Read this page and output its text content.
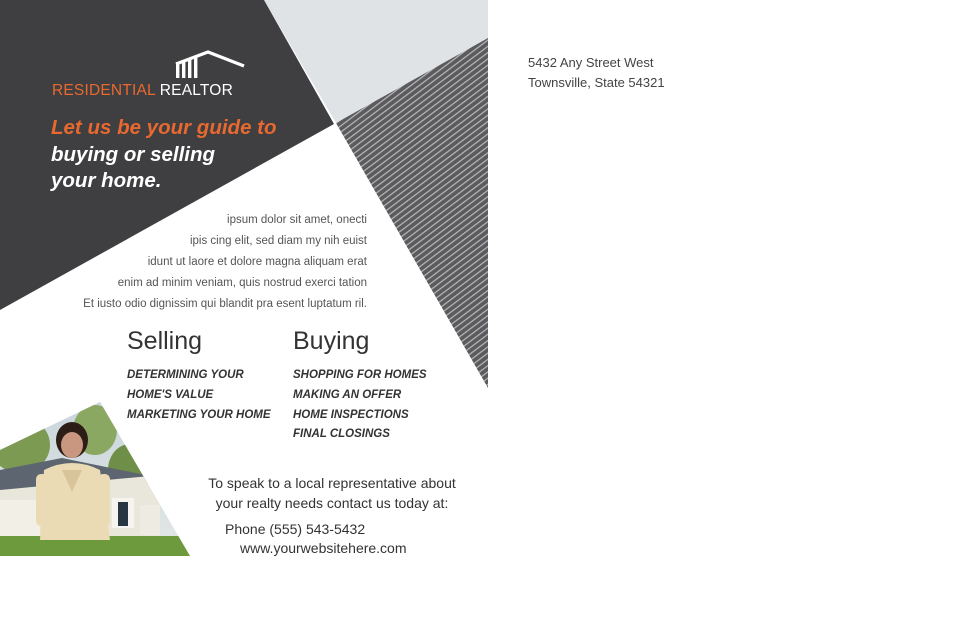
RESIDENTIAL REALTOR
Let us be your guide to
buying or selling
your home.
ipsum dolor sit amet, onecti
ipis cing elit, sed diam my nih euist
idunt ut laore et dolore magna aliquam erat
enim ad minim veniam, quis nostrud exerci tation
Et iusto odio dignissim qui blandit pra esent luptatum ril.
Selling
DETERMINING YOUR
HOME'S VALUE
MARKETING YOUR HOME
Buying
SHOPPING FOR HOMES
MAKING AN OFFER
HOME INSPECTIONS
FINAL CLOSINGS
To speak to a local representative about
your realty needs contact us today at:
Phone (555) 543-5432
www.yourwebsitehere.com
5432 Any Street West
Townsville, State 54321
